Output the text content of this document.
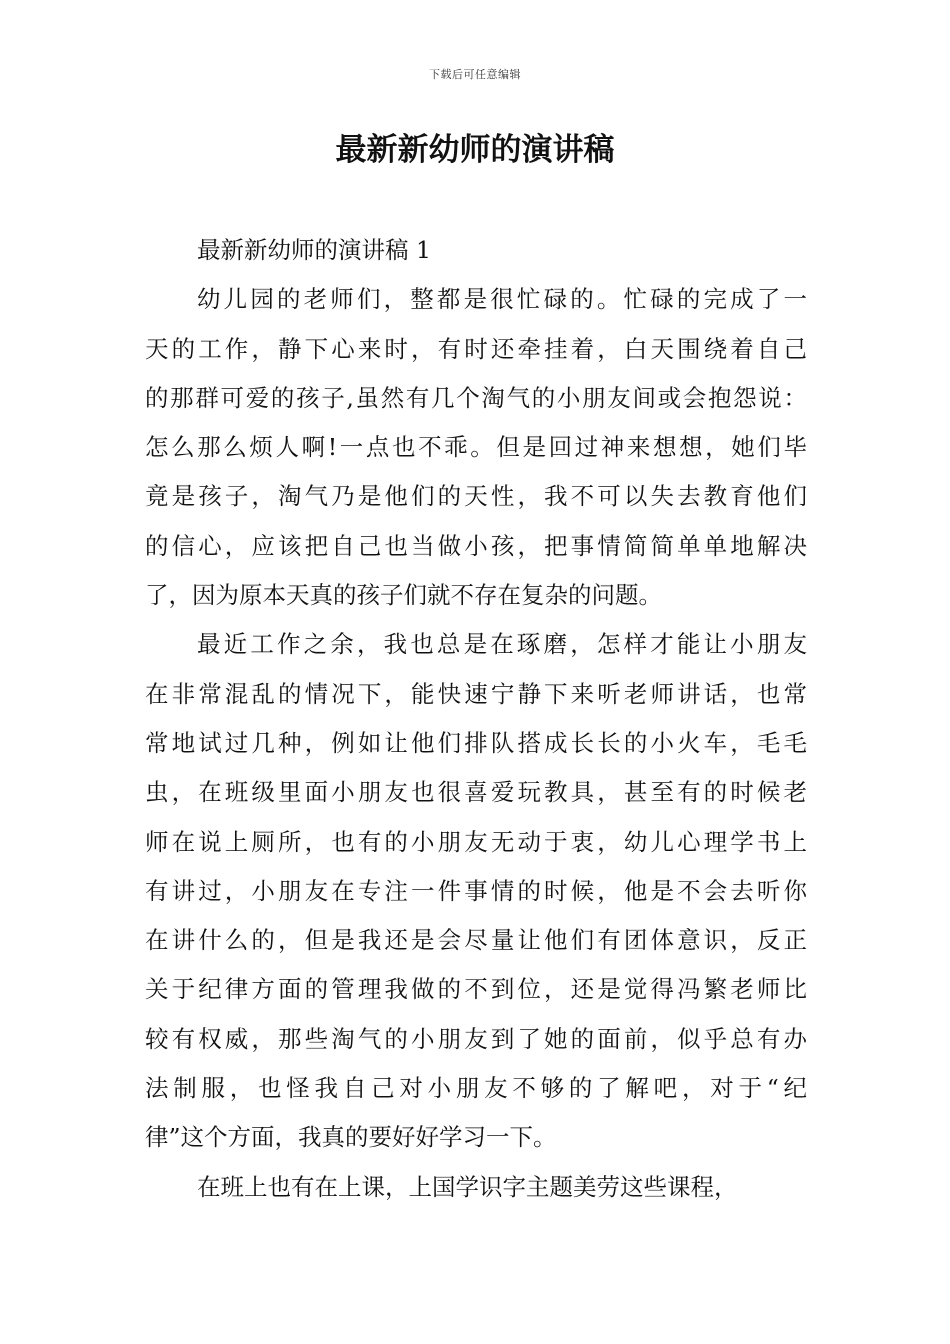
下载后可任意编辑
最新新幼师的演讲稿
最新新幼师的演讲稿 1
幼儿园的老师们，整都是很忙碌的。忙碌的完成了一
天的工作，静下心来时，有时还牵挂着，白天围绕着自己
的那群可爱的孩子,虽然有几个淘气的小朋友间或会抱怨说：
怎么那么烦人啊!一点也不乖。但是回过神来想想，她们毕
竟是孩子，淘气乃是他们的天性，我不可以失去教育他们
的信心，应该把自己也当做小孩，把事情简简单单地解决
了，因为原本天真的孩子们就不存在复杂的问题。
最近工作之余，我也总是在琢磨，怎样才能让小朋友
在非常混乱的情况下，能快速宁静下来听老师讲话，也常
常地试过几种，例如让他们排队搭成长长的小火车，毛毛
虫，在班级里面小朋友也很喜爱玩教具，甚至有的时候老
师在说上厕所，也有的小朋友无动于衷，幼儿心理学书上
有讲过，小朋友在专注一件事情的时候，他是不会去听你
在讲什么的，但是我还是会尽量让他们有团体意识，反正
关于纪律方面的管理我做的不到位，还是觉得冯繁老师比
较有权威，那些淘气的小朋友到了她的面前，似乎总有办
法制服，也怪我自己对小朋友不够的了解吧，对于“纪
律”这个方面，我真的要好好学习一下。
在班上也有在上课，上国学识字主题美劳这些课程，
